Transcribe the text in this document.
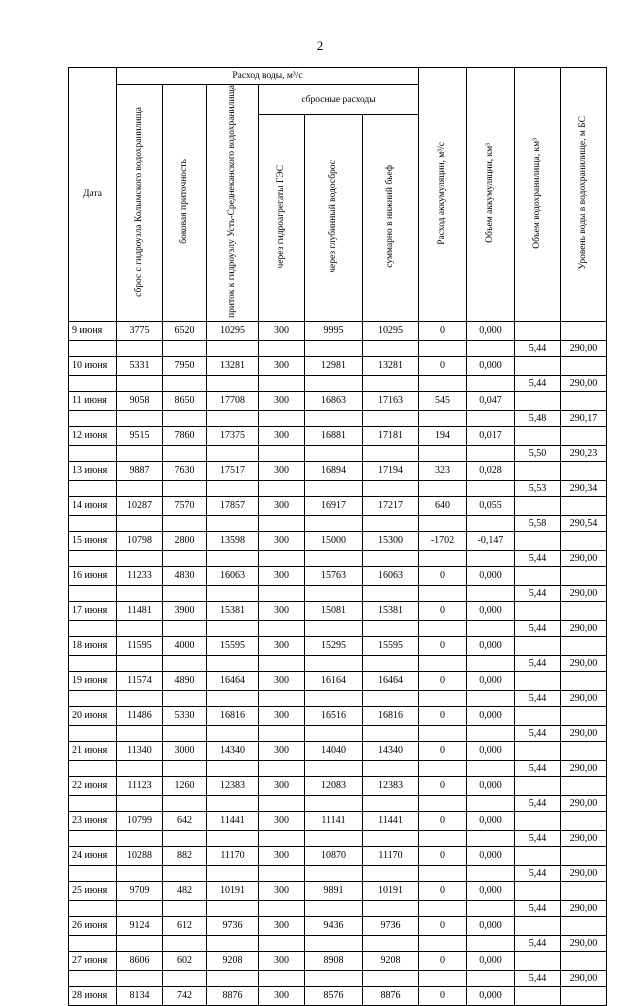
2
Дата	Расход воды, м³/с						Расход аккумуляции, м³/с	Объем аккумуляции, км³	Объем водохранилища, км³	Уровень воды в водохранилище, м БС
	сброс с гидроузла Колымского водохранилища	боковая приточность	приток к гидроузлу Усть-Среднеканского водохранилища	сбросные расходы						
				через гидроагрегаты ГЭС	через глубинный водосброс	суммарно в нижний бьеф				
9 июня	3775	6520	10295	300	9995	10295	0	0,000		
									5,44	290,00
10 июня	5331	7950	13281	300	12981	13281	0	0,000		
									5,44	290,00
11 июня	9058	8650	17708	300	16863	17163	545	0,047		
									5,48	290,17
12 июня	9515	7860	17375	300	16881	17181	194	0,017		
									5,50	290,23
13 июня	9887	7630	17517	300	16894	17194	323	0,028		
									5,53	290,34
14 июня	10287	7570	17857	300	16917	17217	640	0,055		
									5,58	290,54
15 июня	10798	2800	13598	300	15000	15300	-1702	-0,147		
									5,44	290,00
16 июня	11233	4830	16063	300	15763	16063	0	0,000		
									5,44	290,00
17 июня	11481	3900	15381	300	15081	15381	0	0,000		
									5,44	290,00
18 июня	11595	4000	15595	300	15295	15595	0	0,000		
									5,44	290,00
19 июня	11574	4890	16464	300	16164	16464	0	0,000		
									5,44	290,00
20 июня	11486	5330	16816	300	16516	16816	0	0,000		
									5,44	290,00
21 июня	11340	3000	14340	300	14040	14340	0	0,000		
									5,44	290,00
22 июня	11123	1260	12383	300	12083	12383	0	0,000		
									5,44	290,00
23 июня	10799	642	11441	300	11141	11441	0	0,000		
									5,44	290,00
24 июня	10288	882	11170	300	10870	11170	0	0,000		
									5,44	290,00
25 июня	9709	482	10191	300	9891	10191	0	0,000		
									5,44	290,00
26 июня	9124	612	9736	300	9436	9736	0	0,000		
									5,44	290,00
27 июня	8606	602	9208	300	8908	9208	0	0,000		
									5,44	290,00
28 июня	8134	742	8876	300	8576	8876	0	0,000		
